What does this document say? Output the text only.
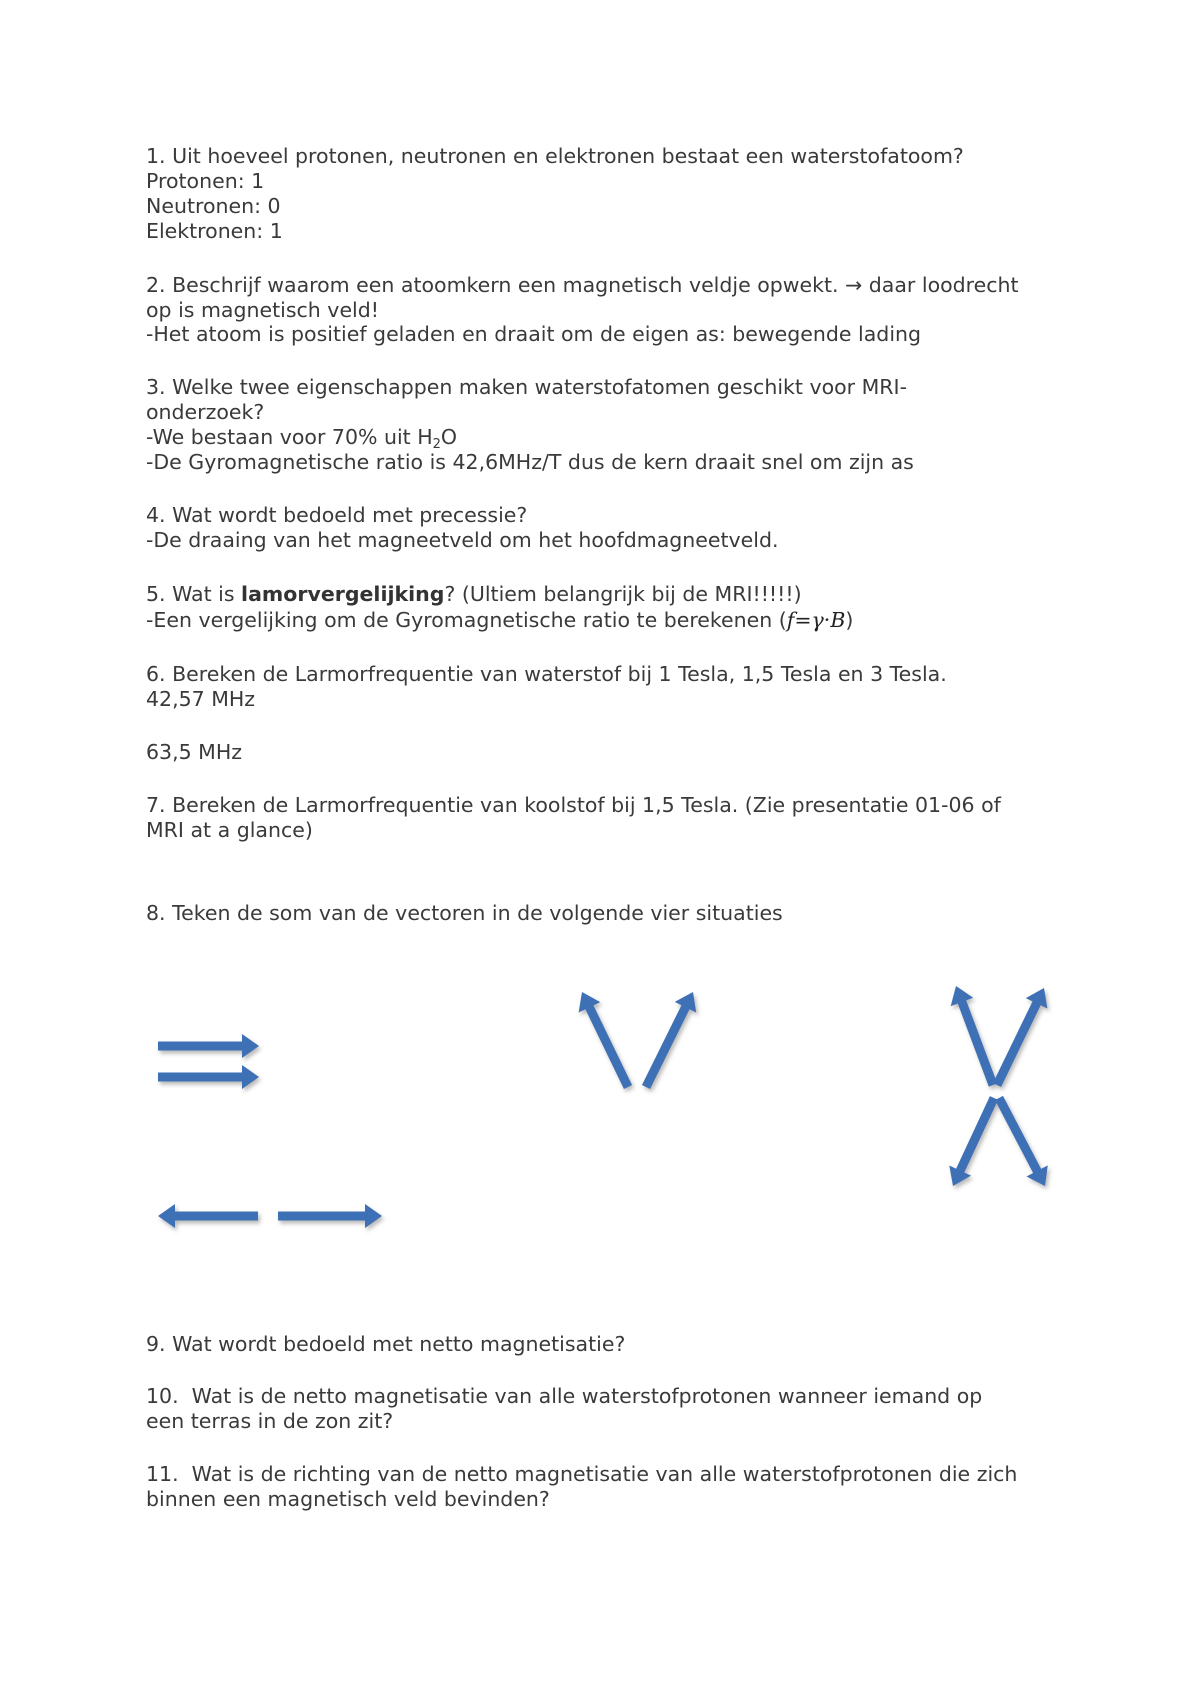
1. Uit hoeveel protonen, neutronen en elektronen bestaat een waterstofatoom?
Protonen: 1
Neutronen: 0
Elektronen: 1
2. Beschrijf waarom een atoomkern een magnetisch veldje opwekt. → daar loodrecht
op is magnetisch veld!
-Het atoom is positief geladen en draait om de eigen as: bewegende lading
3. Welke twee eigenschappen maken waterstofatomen geschikt voor MRI-
onderzoek?
-We bestaan voor 70% uit $H_2O$
-De Gyromagnetische ratio is 42,6MHz/T dus de kern draait snel om zijn as
4. Wat wordt bedoeld met precessie?
-De draaing van het magneetveld om het hoofdmagneetveld.
5. Wat is lamorvergelijking? (Ultiem belangrijk bij de MRI!!!!!)
-Een vergelijking om de Gyromagnetische ratio te berekenen (f=γ·B)
6. Bereken de Larmorfrequentie van waterstof bij 1 Tesla, 1,5 Tesla en 3 Tesla.
42,57 MHz
63,5 MHz
7. Bereken de Larmorfrequentie van koolstof bij 1,5 Tesla. (Zie presentatie 01-06 of
MRI at a glance)
8. Teken de som van de vectoren in de volgende vier situaties
9. Wat wordt bedoeld met netto magnetisatie?
10.  Wat is de netto magnetisatie van alle waterstofprotonen wanneer iemand op
een terras in de zon zit?
11.  Wat is de richting van de netto magnetisatie van alle waterstofprotonen die zich
binnen een magnetisch veld bevinden?
